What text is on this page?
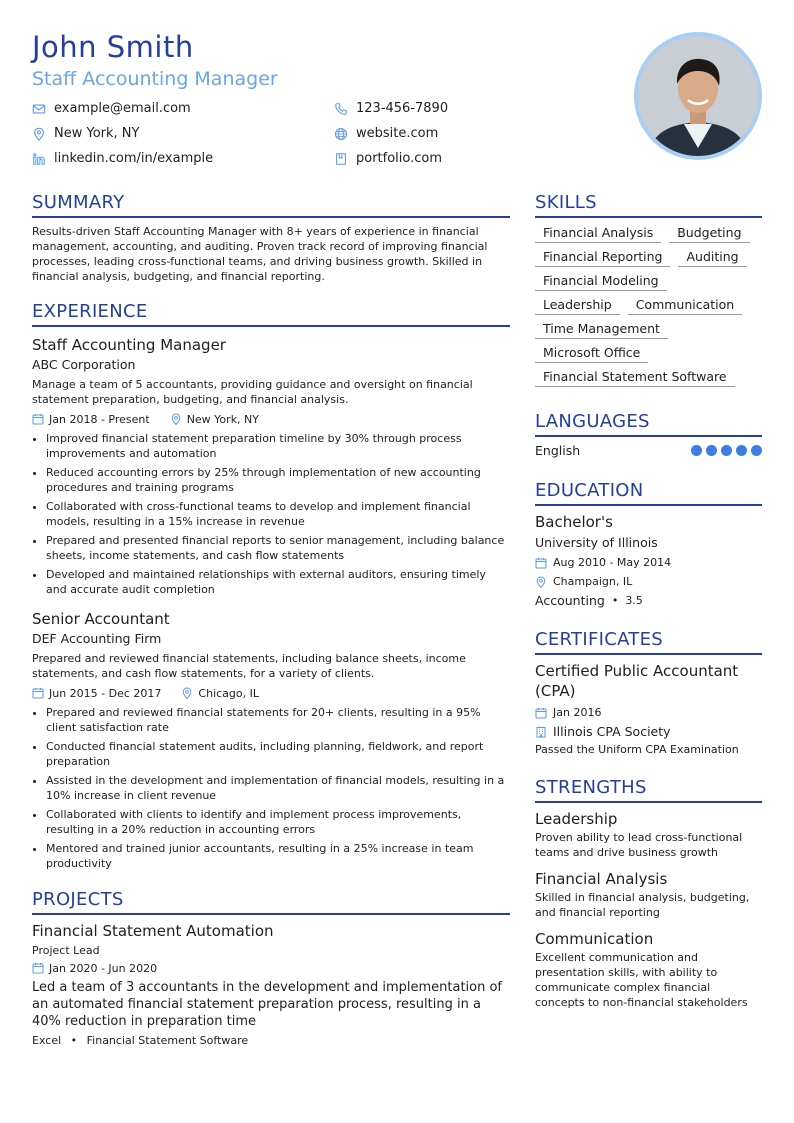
John Smith
Staff Accounting Manager
example@email.com	123-456-7890
New York, NY	website.com
linkedin.com/in/example	portfolio.com
SUMMARY

Results-driven Staff Accounting Manager with 8+ years of experience in financial management, accounting, and auditing. Proven track record of improving financial processes, leading cross-functional teams, and driving business growth. Skilled in financial analysis, budgeting, and financial reporting.

EXPERIENCE
Staff Accounting Manager
ABC Corporation
Manage a team of 5 accountants, providing guidance and oversight on financial statement preparation, budgeting, and financial analysis.
Jan 2018 - Present	New York, NY
• Improved financial statement preparation timeline by 30% through process improvements and automation
• Reduced accounting errors by 25% through implementation of new accounting procedures and training programs
• Collaborated with cross-functional teams to develop and implement financial models, resulting in a 15% increase in revenue
• Prepared and presented financial reports to senior management, including balance sheets, income statements, and cash flow statements
• Developed and maintained relationships with external auditors, ensuring timely and accurate audit completion
Senior Accountant
DEF Accounting Firm
Prepared and reviewed financial statements, including balance sheets, income statements, and cash flow statements, for a variety of clients.
Jun 2015 - Dec 2017	Chicago, IL
• Prepared and reviewed financial statements for 20+ clients, resulting in a 95% client satisfaction rate
• Conducted financial statement audits, including planning, fieldwork, and report preparation
• Assisted in the development and implementation of financial models, resulting in a 10% increase in client revenue
• Collaborated with clients to identify and implement process improvements, resulting in a 20% reduction in accounting errors
• Mentored and trained junior accountants, resulting in a 25% increase in team productivity
PROJECTS
Financial Statement Automation
Project Lead
Jan 2020 - Jun 2020
Led a team of 3 accountants in the development and implementation of an automated financial statement preparation process, resulting in a 40% reduction in preparation time
Excel • Financial Statement Software
SKILLS
Financial Analysis	Budgeting
Financial Reporting	Auditing
Financial Modeling
Leadership	Communication
Time Management
Microsoft Office
Financial Statement Software
LANGUAGES
English
EDUCATION
Bachelor's
University of Illinois
Aug 2010 - May 2014
Champaign, IL
Accounting • 3.5
CERTIFICATES
Certified Public Accountant (CPA)
Jan 2016
Illinois CPA Society
Passed the Uniform CPA Examination
STRENGTHS
Leadership
Proven ability to lead cross-functional teams and drive business growth
Financial Analysis
Skilled in financial analysis, budgeting, and financial reporting
Communication
Excellent communication and presentation skills, with ability to communicate complex financial concepts to non-financial stakeholders
